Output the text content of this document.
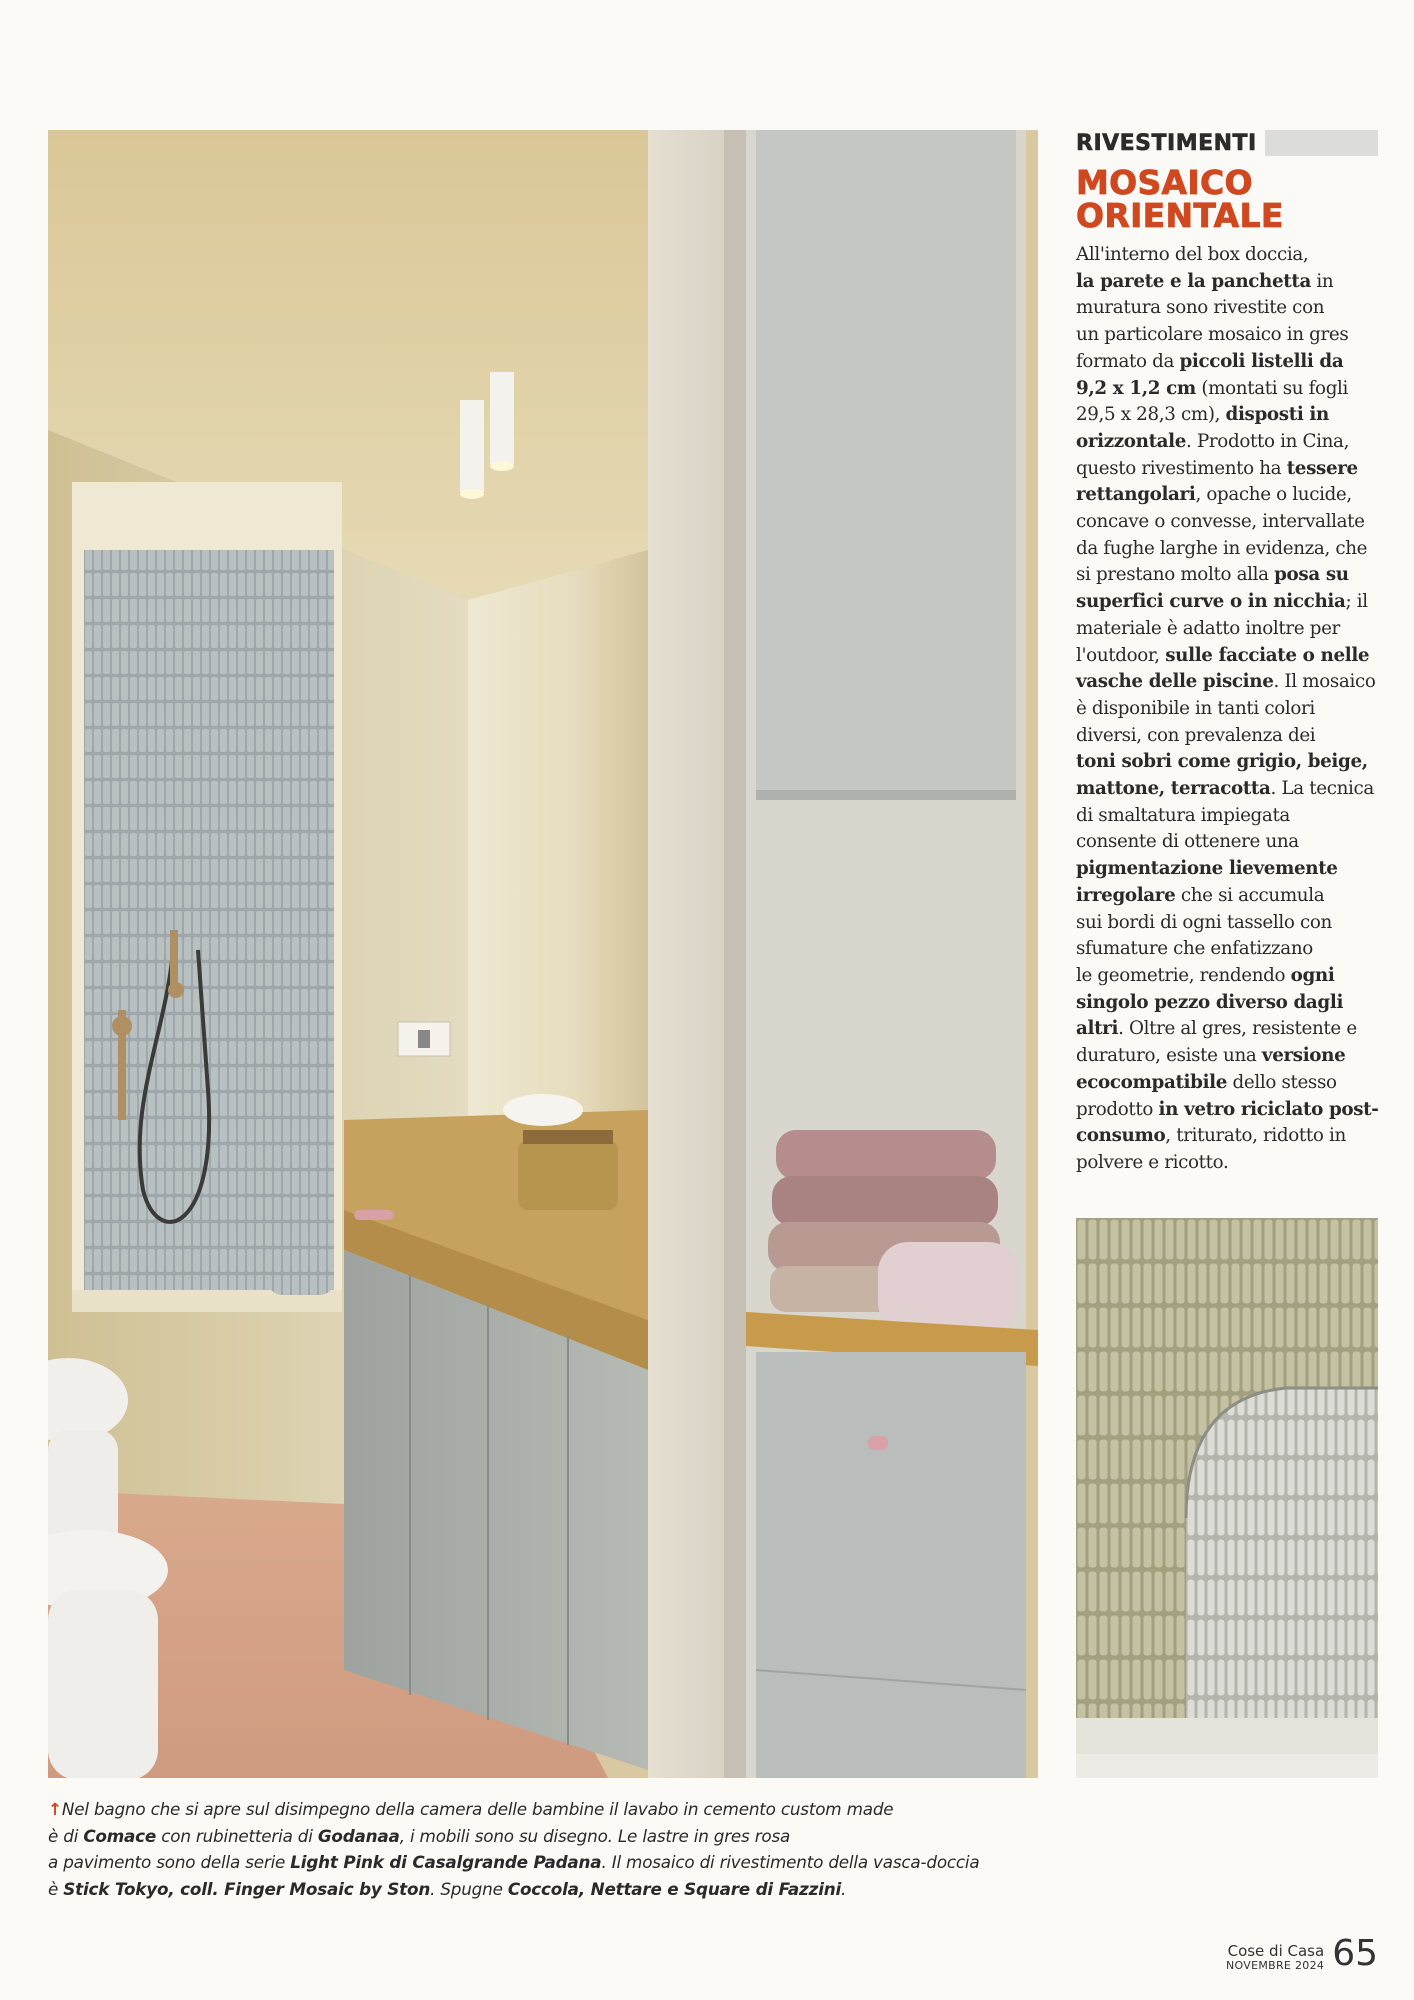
RIVESTIMENTI
MOSAICO
ORIENTALE

All'interno del box doccia,
la parete e la panchetta in
muratura sono rivestite con
un particolare mosaico in gres
formato da piccoli listelli da
9,2 x 1,2 cm (montati su fogli
29,5 x 28,3 cm), disposti in
orizzontale. Prodotto in Cina,
questo rivestimento ha tessere
rettangolari, opache o lucide,
concave o convesse, intervallate
da fughe larghe in evidenza, che
si prestano molto alla posa su
superfici curve o in nicchia; il
materiale è adatto inoltre per
l'outdoor, sulle facciate o nelle
vasche delle piscine. Il mosaico
è disponibile in tanti colori
diversi, con prevalenza dei
toni sobri come grigio, beige,
mattone, terracotta. La tecnica
di smaltatura impiegata
consente di ottenere una
pigmentazione lievemente
irregolare che si accumula
sui bordi di ogni tassello con
sfumature che enfatizzano
le geometrie, rendendo ogni
singolo pezzo diverso dagli
altri. Oltre al gres, resistente e
duraturo, esiste una versione
ecocompatibile dello stesso
prodotto in vetro riciclato post-
consumo, triturato, ridotto in
polvere e ricotto.

↑Nel bagno che si apre sul disimpegno della camera delle bambine il lavabo in cemento custom made
è di Comace con rubinetteria di Godanaa, i mobili sono su disegno. Le lastre in gres rosa
a pavimento sono della serie Light Pink di Casalgrande Padana. Il mosaico di rivestimento della vasca-doccia
è Stick Tokyo, coll. Finger Mosaic by Ston. Spugne Coccola, Nettare e Square di Fazzini.
Cose di Casa
NOVEMBRE 2024 65
